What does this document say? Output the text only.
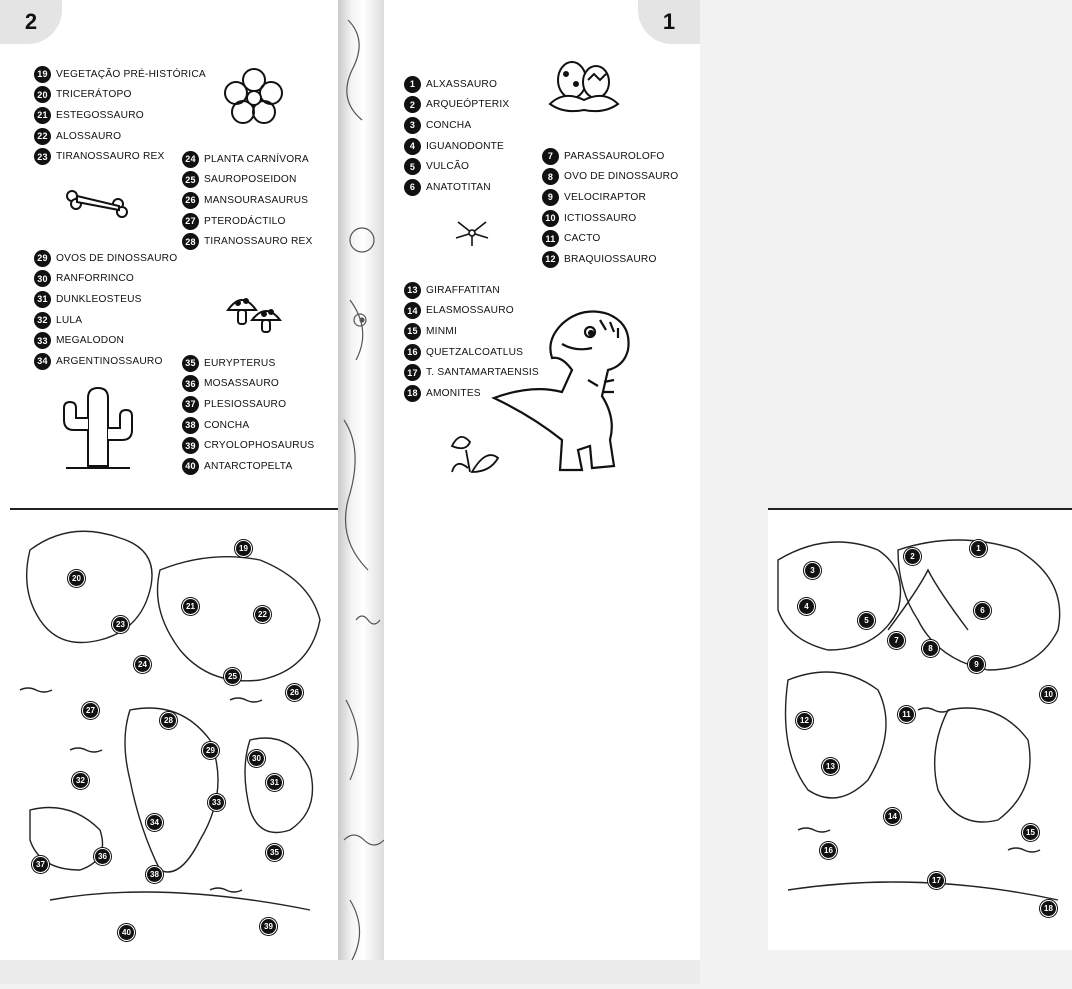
2
19 VEGETAÇÃO PRÉ-HISTÓRICA
20 TRICERÁTOPO
21 ESTEGOSSAURO
22 ALOSSAURO
23 TIRANOSSAURO REX	24 PLANTA CARNÍVORA
25 SAUROPOSEIDON
26 MANSOURASAURUS
27 PTERODÁCTILO
28 TIRANOSSAURO REX
29 OVOS DE DINOSSAURO
30 RANFORRINCO
31 DUNKLEOSTEUS
32 LULA
33 MEGALODON
34 ARGENTINOSSAURO	35 EURYPTERUS
36 MOSASSAURO
37 PLESIOSSAURO
38 CONCHA
39 CRYOLOPHOSAURUS
40 ANTARCTOPELTA
19
20
21
22
23
24
25
26
27
28
29
30
31
32
33
34
35
36
37
38
39
40
1
1	ALXASSAURO
2	ARQUEÓPTERIX
3	CONCHA
4	IGUANODONTE
5	VULCÃO
6	ANATOTITAN
7	PARASSAUROLOFO
8	OVO DE DINOSSAURO
9	VELOCIRAPTOR
10 ICTIOSSAURO
11 CACTO
12 BRAQUIOSSAURO
13 GIRAFFATITAN
14 ELASMOSSAURO
15 MINMI
16 QUETZALCOATLUS
17 T. SANTAMARTAENSIS
18 AMONITES
1
2
3
4
5
6
7
8
9
10
11
12
13
14
15
16
17
18
